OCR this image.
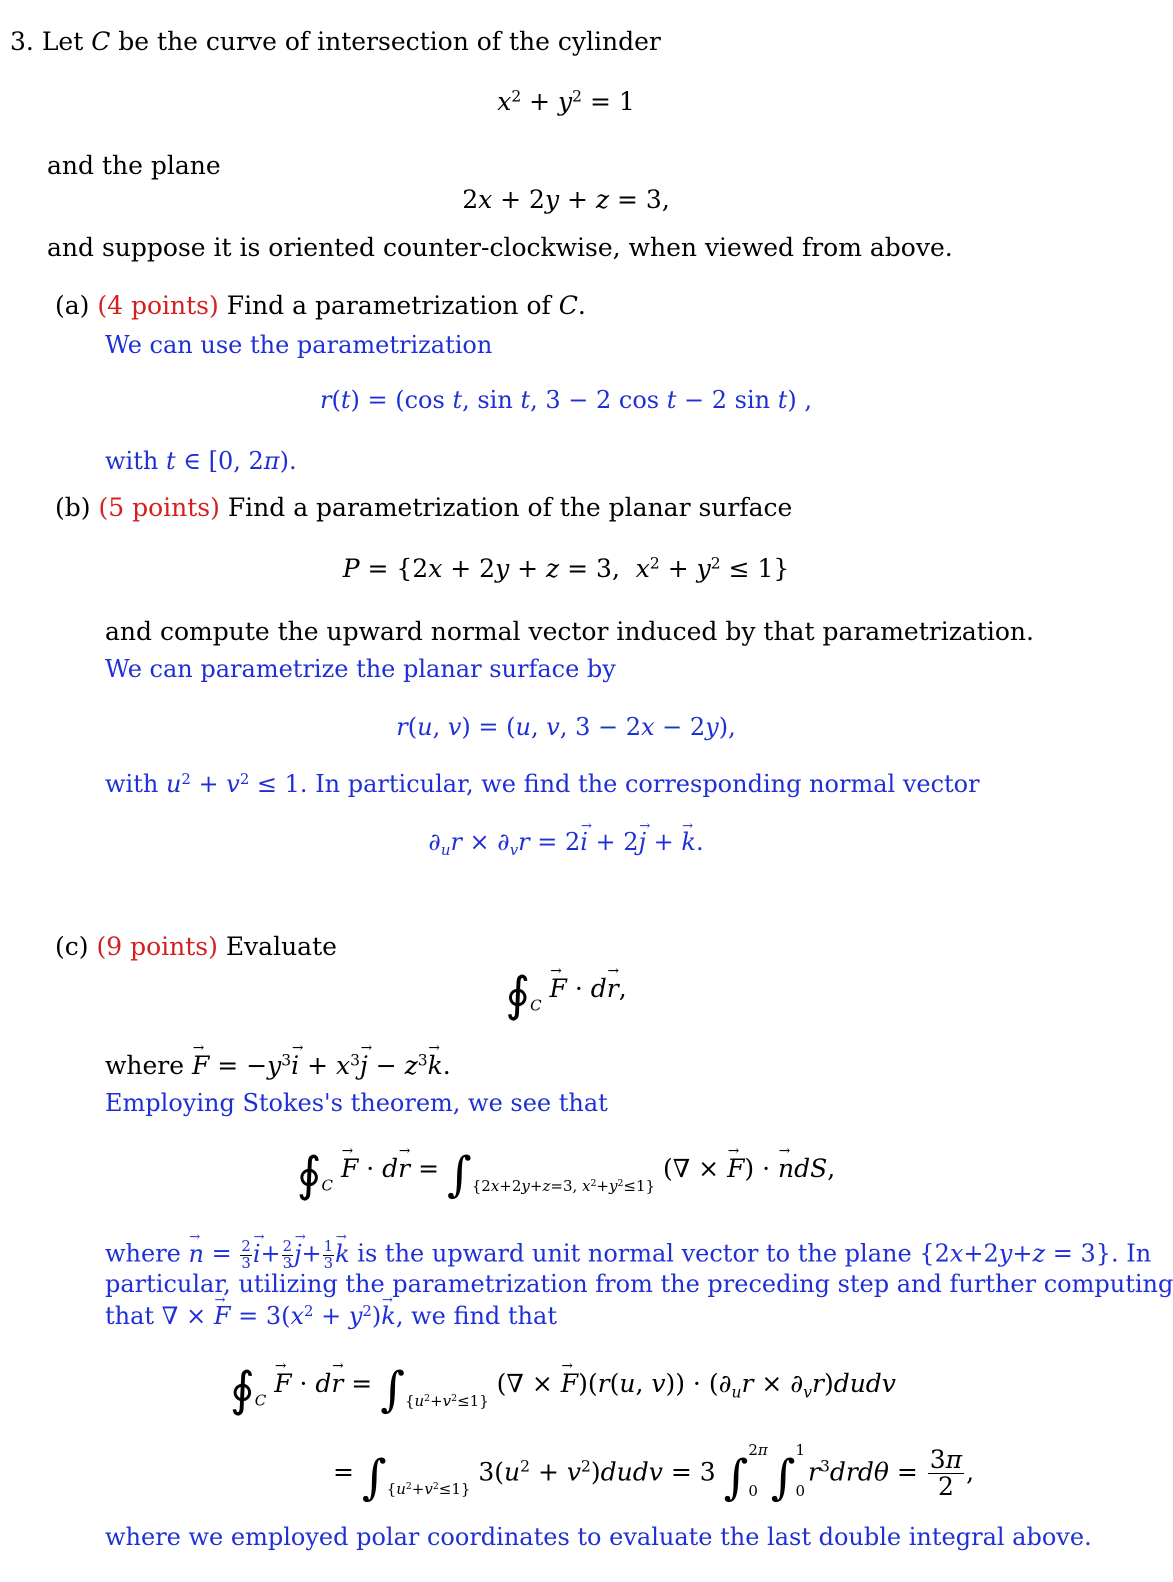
3. Let C be the curve of intersection of the cylinder
$x^2 + y^2 = 1$
and the plane
2x + 2y + z = 3,
and suppose it is oriented counter-clockwise, when viewed from above.
(a) (4 points) Find a parametrization of C.
We can use the parametrization
r(t) = (cos t, sin t, 3 − 2 cos t − 2 sin t) ,
with t ∈ [0, 2π).
(b) (5 points) Find a parametrization of the planar surface
P = {2x + 2y + z = 3,  $x^2 + y^2 \le 1$}
and compute the upward normal vector induced by that parametrization.
We can parametrize the planar surface by
r(u, v) = (u, v, 3 − 2x − 2y),
with $u^2 + v^2 \le 1$. In particular, we find the corresponding normal vector
$\partial_ur \times \partial_vr = 2\to i + 2\to j$ + → k.
(c) (9 points) Evaluate
$∮_C \to F \cdot d\to r$,
where → $F = -y^3\to i + x^3\to j - z^3\to k$.
Employing Stokes's theorem, we see that
$∮_C \to F \cdot d\to r = \int_{\{2x+2y+z=3, x^2+y^2\le 1\}}$ (∇ × → F) · → ndS,
where → $n = \frac{2}{3}$
→ $i+ \frac{2}{3}$
→ $j+ \frac{1}{3}$
→ k is the upward unit normal vector to the plane {2x+2y+z = 3}. In
particular, utilizing the parametrization from the preceding step and further computing
that ∇ × → $F = 3(x^2 + y^2)\to k$, we find that
$∮_C \to F \cdot d\to r = \int_{\{u^2+v^2\le 1\}}$ (∇ × → F)(r(u, $v)) \cdot (\partial_ur$ × $\partial_vr)dudv$
= $\int_{\{u^2+v^2\le 1\}}$ $3(u^2$ + $v^2)dudv = 3$ ∫
2π
0 ∫
1
0
$r^3drd\theta = \frac{3\pi}{2}$ ,
where we employed polar coordinates to evaluate the last double integral above.
